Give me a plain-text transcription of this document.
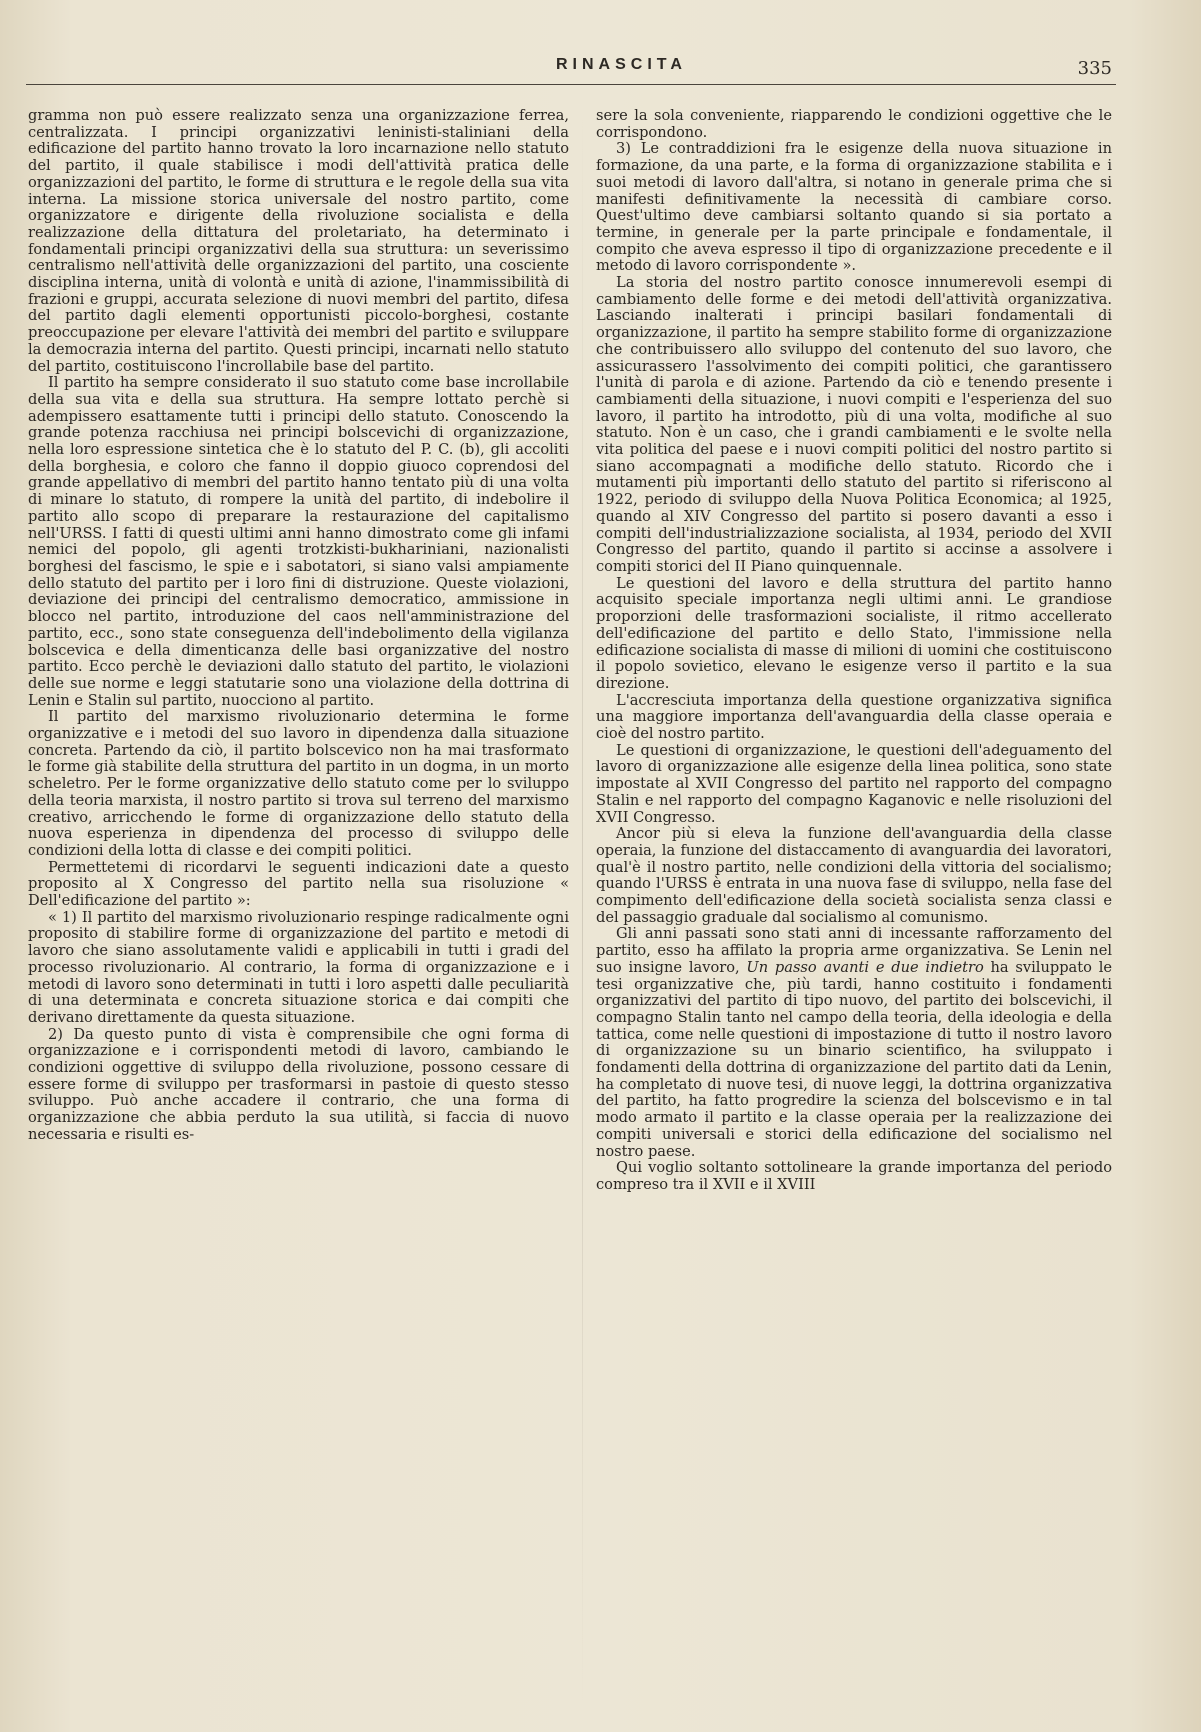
RINASCITA	335

gramma non può essere realizzato senza una organizzazione ferrea, centralizzata. I principi organizzativi leninisti-staliniani della edificazione del partito hanno trovato la loro incarnazione nello statuto del partito, il quale stabilisce i modi dell'attività pratica delle organizzazioni del partito, le forme di struttura e le regole della sua vita interna. La missione storica universale del nostro partito, come organizzatore e dirigente della rivoluzione socialista e della realizzazione della dittatura del proletariato, ha determinato i fondamentali principi organizzativi della sua struttura: un severissimo centralismo nell'attività delle organizzazioni del partito, una cosciente disciplina interna, unità di volontà e unità di azione, l'inammissibilità di frazioni e gruppi, accurata selezione di nuovi membri del partito, difesa del partito dagli elementi opportunisti piccolo-borghesi, costante preoccupazione per elevare l'attività dei membri del partito e sviluppare la democrazia interna del partito. Questi principi, incarnati nello statuto del partito, costituiscono l'incrollabile base del partito.

Il partito ha sempre considerato il suo statuto come base incrollabile della sua vita e della sua struttura. Ha sempre lottato perchè si adempissero esattamente tutti i principi dello statuto. Conoscendo la grande potenza racchiusa nei principi bolscevichi di organizzazione, nella loro espressione sintetica che è lo statuto del P. C. (b), gli accoliti della borghesia, e coloro che fanno il doppio giuoco coprendosi del grande appellativo di membri del partito hanno tentato più di una volta di minare lo statuto, di rompere la unità del partito, di indebolire il partito allo scopo di preparare la restaurazione del capitalismo nell'URSS. I fatti di questi ultimi anni hanno dimostrato come gli infami nemici del popolo, gli agenti trotzkisti-bukhariniani, nazionalisti borghesi del fascismo, le spie e i sabotatori, si siano valsi ampiamente dello statuto del partito per i loro fini di distruzione. Queste violazioni, deviazione dei principi del centralismo democratico, ammissione in blocco nel partito, introduzione del caos nell'amministrazione del partito, ecc., sono state conseguenza dell'indebolimento della vigilanza bolscevica e della dimenticanza delle basi organizzative del nostro partito. Ecco perchè le deviazioni dallo statuto del partito, le violazioni delle sue norme e leggi statutarie sono una violazione della dottrina di Lenin e Stalin sul partito, nuocciono al partito.

Il partito del marxismo rivoluzionario determina le forme organizzative e i metodi del suo lavoro in dipendenza dalla situazione concreta. Partendo da ciò, il partito bolscevico non ha mai trasformato le forme già stabilite della struttura del partito in un dogma, in un morto scheletro. Per le forme organizzative dello statuto come per lo sviluppo della teoria marxista, il nostro partito si trova sul terreno del marxismo creativo, arricchendo le forme di organizzazione dello statuto della nuova esperienza in dipendenza del processo di sviluppo delle condizioni della lotta di classe e dei compiti politici.

Permettetemi di ricordarvi le seguenti indicazioni date a questo proposito al X Congresso del partito nella sua risoluzione « Dell'edificazione del partito »:

« 1) Il partito del marxismo rivoluzionario respinge radicalmente ogni proposito di stabilire forme di organizzazione del partito e metodi di lavoro che siano assolutamente validi e applicabili in tutti i gradi del processo rivoluzionario. Al contrario, la forma di organizzazione e i metodi di lavoro sono determinati in tutti i loro aspetti dalle peculiarità di una determinata e concreta situazione storica e dai compiti che derivano direttamente da questa situazione.

2) Da questo punto di vista è comprensibile che ogni forma di organizzazione e i corrispondenti metodi di lavoro, cambiando le condizioni oggettive di sviluppo della rivoluzione, possono cessare di essere forme di sviluppo per trasformarsi in pastoie di questo stesso sviluppo. Può anche accadere il contrario, che una forma di organizzazione che abbia perduto la sua utilità, si faccia di nuovo necessaria e risulti es-

sere la sola conveniente, riapparendo le condizioni oggettive che le corrispondono.

3) Le contraddizioni fra le esigenze della nuova situazione in formazione, da una parte, e la forma di organizzazione stabilita e i suoi metodi di lavoro dall'altra, si notano in generale prima che si manifesti definitivamente la necessità di cambiare corso. Quest'ultimo deve cambiarsi soltanto quando si sia portato a termine, in generale per la parte principale e fondamentale, il compito che aveva espresso il tipo di organizzazione precedente e il metodo di lavoro corrispondente ».

La storia del nostro partito conosce innumerevoli esempi di cambiamento delle forme e dei metodi dell'attività organizzativa. Lasciando inalterati i principi basilari fondamentali di organizzazione, il partito ha sempre stabilito forme di organizzazione che contribuissero allo sviluppo del contenuto del suo lavoro, che assicurassero l'assolvimento dei compiti politici, che garantissero l'unità di parola e di azione. Partendo da ciò e tenendo presente i cambiamenti della situazione, i nuovi compiti e l'esperienza del suo lavoro, il partito ha introdotto, più di una volta, modifiche al suo statuto. Non è un caso, che i grandi cambiamenti e le svolte nella vita politica del paese e i nuovi compiti politici del nostro partito si siano accompagnati a modifiche dello statuto. Ricordo che i mutamenti più importanti dello statuto del partito si riferiscono al 1922, periodo di sviluppo della Nuova Politica Economica; al 1925, quando al XIV Congresso del partito si posero davanti a esso i compiti dell'industrializzazione socialista, al 1934, periodo del XVII Congresso del partito, quando il partito si accinse a assolvere i compiti storici del II Piano quinquennale.

Le questioni del lavoro e della struttura del partito hanno acquisito speciale importanza negli ultimi anni. Le grandiose proporzioni delle trasformazioni socialiste, il ritmo accellerato dell'edificazione del partito e dello Stato, l'immissione nella edificazione socialista di masse di milioni di uomini che costituiscono il popolo sovietico, elevano le esigenze verso il partito e la sua direzione.

L'accresciuta importanza della questione organizzativa significa una maggiore importanza dell'avanguardia della classe operaia e cioè del nostro partito.

Le questioni di organizzazione, le questioni dell'adeguamento del lavoro di organizzazione alle esigenze della linea politica, sono state impostate al XVII Congresso del partito nel rapporto del compagno Stalin e nel rapporto del compagno Kaganovic e nelle risoluzioni del XVII Congresso.

Ancor più si eleva la funzione dell'avanguardia della classe operaia, la funzione del distaccamento di avanguardia dei lavoratori, qual'è il nostro partito, nelle condizioni della vittoria del socialismo; quando l'URSS è entrata in una nuova fase di sviluppo, nella fase del compimento dell'edificazione della società socialista senza classi e del passaggio graduale dal socialismo al comunismo.

Gli anni passati sono stati anni di incessante rafforzamento del partito, esso ha affilato la propria arme organizzativa. Se Lenin nel suo insigne lavoro, Un passo avanti e due indietro ha sviluppato le tesi organizzative che, più tardi, hanno costituito i fondamenti organizzativi del partito di tipo nuovo, del partito dei bolscevichi, il compagno Stalin tanto nel campo della teoria, della ideologia e della tattica, come nelle questioni di impostazione di tutto il nostro lavoro di organizzazione su un binario scientifico, ha sviluppato i fondamenti della dottrina di organizzazione del partito dati da Lenin, ha completato di nuove tesi, di nuove leggi, la dottrina organizzativa del partito, ha fatto progredire la scienza del bolscevismo e in tal modo armato il partito e la classe operaia per la realizzazione dei compiti universali e storici della edificazione del socialismo nel nostro paese.

Qui voglio soltanto sottolineare la grande importanza del periodo compreso tra il XVII e il XVIII
